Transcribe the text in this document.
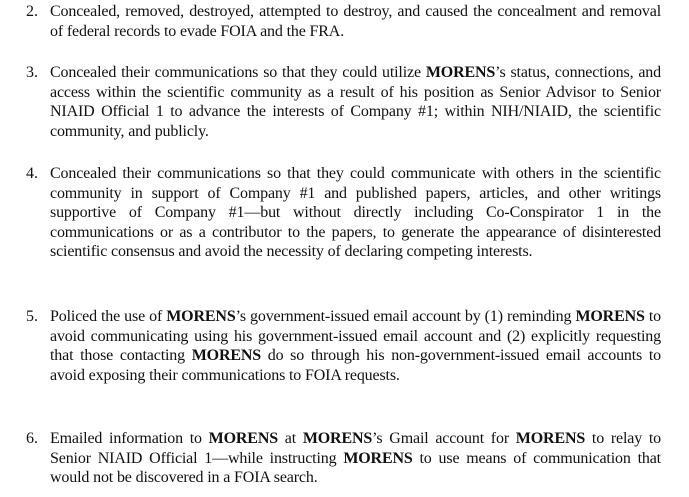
2. Concealed, removed, destroyed, attempted to destroy, and caused the concealment and removal of federal records to evade FOIA and the FRA.
3. Concealed their communications so that they could utilize MORENS’s status, connections, and access within the scientific community as a result of his position as Senior Advisor to Senior NIAID Official 1 to advance the interests of Company #1; within NIH/NIAID, the scientific community, and publicly.
4. Concealed their communications so that they could communicate with others in the scientific community in support of Company #1 and published papers, articles, and other writings supportive of Company #1—but without directly including Co-Conspirator 1 in the communications or as a contributor to the papers, to generate the appearance of disinterested scientific consensus and avoid the necessity of declaring competing interests.
5. Policed the use of MORENS’s government-issued email account by (1) reminding MORENS to avoid communicating using his government-issued email account and (2) explicitly requesting that those contacting MORENS do so through his non-government-issued email accounts to avoid exposing their communications to FOIA requests.
6. Emailed information to MORENS at MORENS’s Gmail account for MORENS to relay to Senior NIAID Official 1—while instructing MORENS to use means of communication that would not be discovered in a FOIA search.
